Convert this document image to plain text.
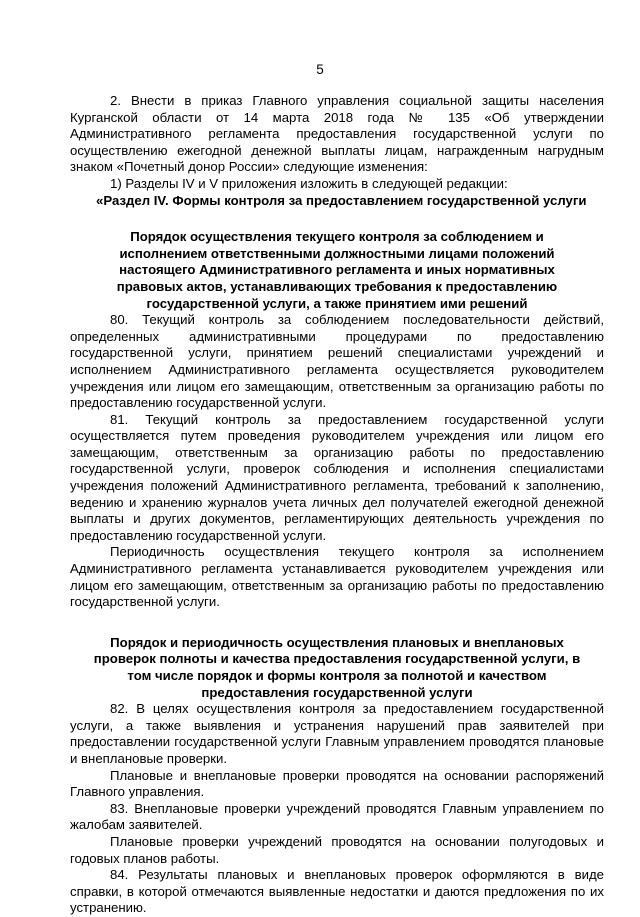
5

2. Внести в приказ Главного управления социальной защиты населения Курганской области от 14 марта 2018 года № 135 «Об утверждении Административного регламента предоставления государственной услуги по осуществлению ежегодной денежной выплаты лицам, награжденным нагрудным знаком «Почетный донор России» следующие изменения:

1) Разделы IV и V приложения изложить в следующей редакции:

«Раздел IV. Формы контроля за предоставлением государственной услуги

Порядок осуществления текущего контроля за соблюдением и исполнением ответственными должностными лицами положений настоящего Административного регламента и иных нормативных правовых актов, устанавливающих требования к предоставлению государственной услуги, а также принятием ими решений

80. Текущий контроль за соблюдением последовательности действий, определенных административными процедурами по предоставлению государственной услуги, принятием решений специалистами учреждений и исполнением Административного регламента осуществляется руководителем учреждения или лицом его замещающим, ответственным за организацию работы по предоставлению государственной услуги.

81. Текущий контроль за предоставлением государственной услуги осуществляется путем проведения руководителем учреждения или лицом его замещающим, ответственным за организацию работы по предоставлению государственной услуги, проверок соблюдения и исполнения специалистами учреждения положений Административного регламента, требований к заполнению, ведению и хранению журналов учета личных дел получателей ежегодной денежной выплаты и других документов, регламентирующих деятельность учреждения по предоставлению государственной услуги.

Периодичность осуществления текущего контроля за исполнением Административного регламента устанавливается руководителем учреждения или лицом его замещающим, ответственным за организацию работы по предоставлению государственной услуги.

Порядок и периодичность осуществления плановых и внеплановых проверок полноты и качества предоставления государственной услуги, в том числе порядок и формы контроля за полнотой и качеством предоставления государственной услуги

82. В целях осуществления контроля за предоставлением государственной услуги, а также выявления и устранения нарушений прав заявителей при предоставлении государственной услуги Главным управлением проводятся плановые и внеплановые проверки.

Плановые и внеплановые проверки проводятся на основании распоряжений Главного управления.

83. Внеплановые проверки учреждений проводятся Главным управлением по жалобам заявителей.

Плановые проверки учреждений проводятся на основании полугодовых и годовых планов работы.

84. Результаты плановых и внеплановых проверок оформляются в виде справки, в которой отмечаются выявленные недостатки и даются предложения по их устранению.
